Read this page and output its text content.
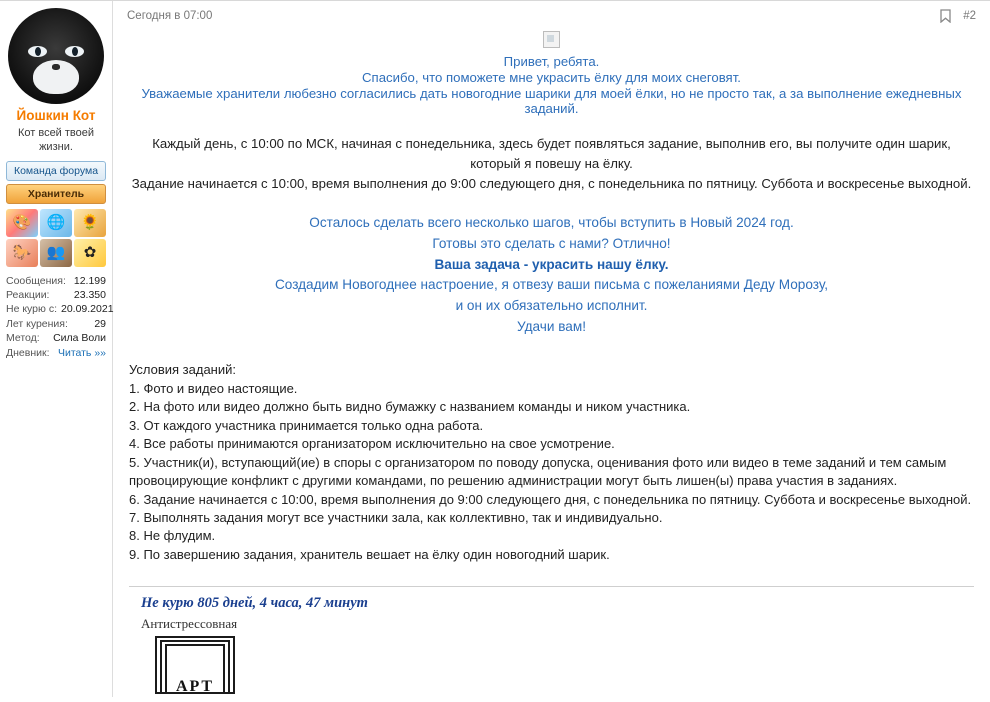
Йошкин Кот
Кот всей твоей жизни.
Команда форума
Хранитель
🎨	🌐	🌻
🐎	👥	✿
Сообщения: 12.199
Реакции: 23.350
Не курю с: 20.09.2021
Лет курения:	29
Метод: Сила Воли
Дневник: Читать »»
Сегодня в 07:00	#2

Привет, ребята.

Спасибо, что поможете мне украсить ёлку для моих снеговят.

Уважаемые хранители любезно согласились дать новогодние шарики для моей ёлки, но не просто так, а за выполнение ежедневных заданий.

Каждый день, с 10:00 по МСК, начиная с понедельника, здесь будет появляться задание, выполнив его, вы получите один шарик,

который я повешу на ёлку.

Задание начинается с 10:00, время выполнения до 9:00 следующего дня, с понедельника по пятницу. Суббота и воскресенье выходной.

Осталось сделать всего несколько шагов, чтобы вступить в Новый 2024 год.

Готовы это сделать с нами? Отлично!

Ваша задача - украсить нашу ёлку.

Создадим Новогоднее настроение, я отвезу ваши письма с пожеланиями Деду Морозу,

и он их обязательно исполнит.

Удачи вам!

Условия заданий:

1. Фото и видео настоящие.

2. На фото или видео должно быть видно бумажку с названием команды и ником участника.

3. От каждого участника принимается только одна работа.

4. Все работы принимаются организатором исключительно на свое усмотрение.

5. Участник(и), вступающий(ие) в споры с организатором по поводу допуска, оценивания фото или видео в теме заданий и тем самым провоцирующие конфликт с другими командами, по решению администрации могут быть лишен(ы) права участия в заданиях.

6. Задание начинается с 10:00, время выполнения до 9:00 следующего дня, с понедельника по пятницу. Суббота и воскресенье выходной.

7. Выполнять задания могут все участники зала, как коллективно, так и индивидуально.

8. Не флудим.

9. По завершению задания, хранитель вешает на ёлку один новогодний шарик.

Не курю 805 дней, 4 часа, 47 минут
Антистрессовная
APT
